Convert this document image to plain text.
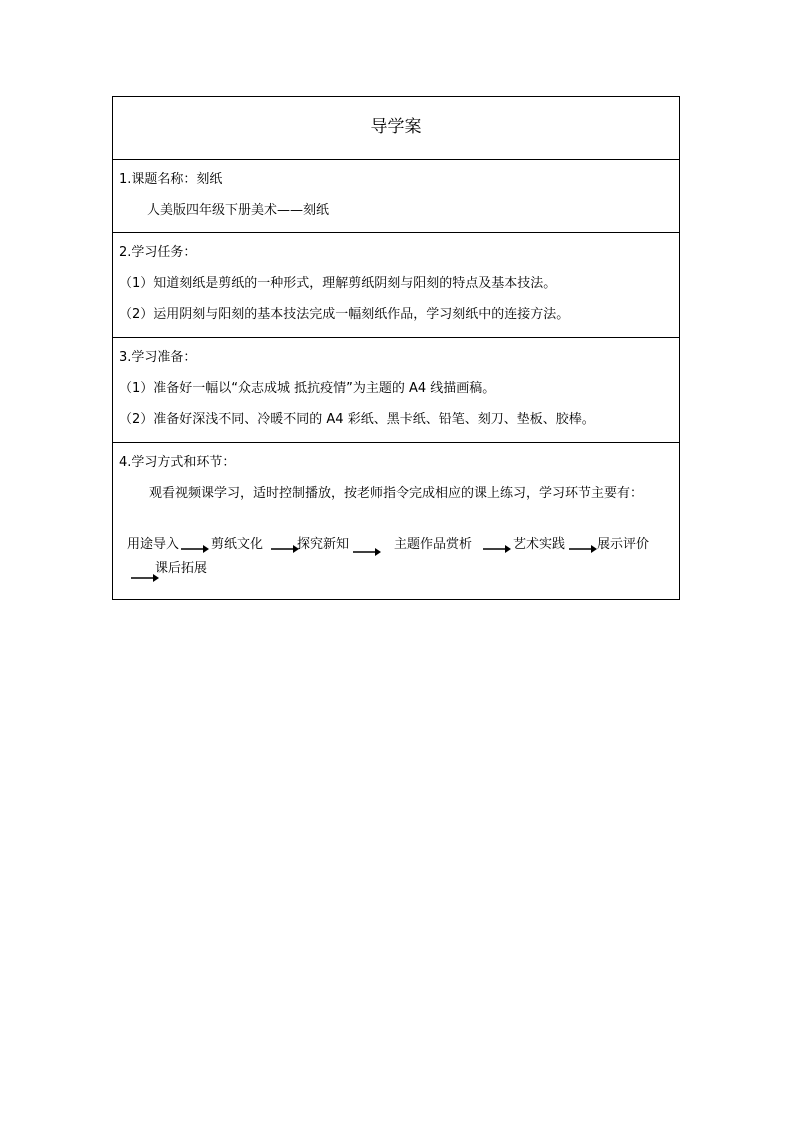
导学案
1.课题名称：刻纸
人美版四年级下册美术——刻纸
2.学习任务：
（1）知道刻纸是剪纸的一种形式，理解剪纸阴刻与阳刻的特点及基本技法。
（2）运用阴刻与阳刻的基本技法完成一幅刻纸作品，学习刻纸中的连接方法。
3.学习准备：
（1）准备好一幅以“众志成城 抵抗疫情”为主题的 A4 线描画稿。
（2）准备好深浅不同、冷暖不同的 A4 彩纸、黑卡纸、铅笔、刻刀、垫板、胶棒。
4.学习方式和环节：
观看视频课学习，适时控制播放，按老师指令完成相应的课上练习，学习环节主要有：
用途导入 剪纸文化	探究新知	主题作品赏析	艺术实践 展示评价
课后拓展
